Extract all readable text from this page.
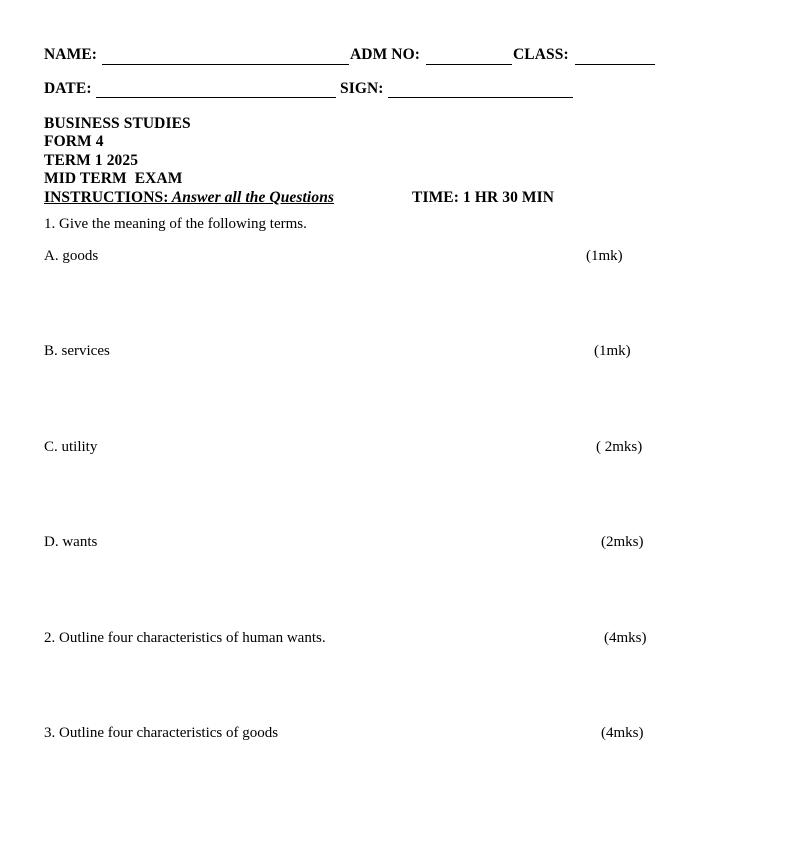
NAME:	ADM NO:	CLASS:
DATE:	SIGN:
BUSINESS STUDIES
FORM 4
TERM 1 2025
MID TERM  EXAM
INSTRUCTIONS: Answer all the Questions	TIME: 1 HR 30 MIN
1. Give the meaning of the following terms.
A. goods	(1mk)
B. services	(1mk)
C. utility	( 2mks)
D. wants	(2mks)
2. Outline four characteristics of human wants.	(4mks)
3. Outline four characteristics of goods	(4mks)
